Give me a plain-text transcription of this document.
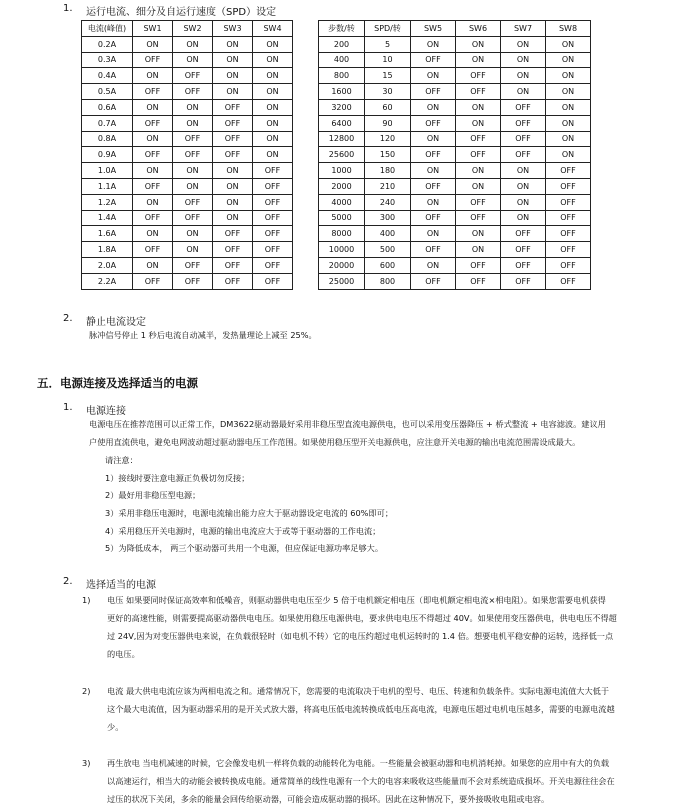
1. 运行电流、细分及自运行速度（SPD）设定
电流(峰值)	SW1	SW2	SW3	SW4
0.2A	ON	ON	ON	ON
0.3A	OFF	ON	ON	ON
0.4A	ON	OFF	ON	ON
0.5A	OFF	OFF	ON	ON
0.6A	ON	ON	OFF	ON
0.7A	OFF	ON	OFF	ON
0.8A	ON	OFF	OFF	ON
0.9A	OFF	OFF	OFF	ON
1.0A	ON	ON	ON	OFF
1.1A	OFF	ON	ON	OFF
1.2A	ON	OFF	ON	OFF
1.4A	OFF	OFF	ON	OFF
1.6A	ON	ON	OFF	OFF
1.8A	OFF	ON	OFF	OFF
2.0A	ON	OFF	OFF	OFF
2.2A	OFF	OFF	OFF	OFF
步数/转	SPD/转	SW5	SW6	SW7	SW8
200	5	ON	ON	ON	ON
400	10	OFF	ON	ON	ON
800	15	ON	OFF	ON	ON
1600	30	OFF	OFF	ON	ON
3200	60	ON	ON	OFF	ON
6400	90	OFF	ON	OFF	ON
12800	120	ON	OFF	OFF	ON
25600	150	OFF	OFF	OFF	ON
1000	180	ON	ON	ON	OFF
2000	210	OFF	ON	ON	OFF
4000	240	ON	OFF	ON	OFF
5000	300	OFF	OFF	ON	OFF
8000	400	ON	ON	OFF	OFF
10000	500	OFF	ON	OFF	OFF
20000	600	ON	OFF	OFF	OFF
25000	800	OFF	OFF	OFF	OFF
2. 静止电流设定
脉冲信号停止 1 秒后电流自动减半，发热量理论上减至 25%。
五．电源连接及选择适当的电源
1. 电源连接
电源电压在推荐范围可以正常工作，DM3622驱动器最好采用非稳压型直流电源供电，也可以采用变压器降压 + 桥式整流 + 电容滤波。建议用
户使用直流供电，避免电网波动超过驱动器电压工作范围。如果使用稳压型开关电源供电，应注意开关电源的输出电流范围需设成最大。
请注意：
1）接线时要注意电源正负极切勿反接；
2）最好用非稳压型电源；
3）采用非稳压电源时，电源电流输出能力应大于驱动器设定电流的 60%即可；
4）采用稳压开关电源时，电源的输出电流应大于或等于驱动器的工作电流；
5）为降低成本， 两三个驱动器可共用一个电源，但应保证电源功率足够大。
2. 选择适当的电源
1) 电压 如果要同时保证高效率和低噪音，则驱动器供电电压至少 5 倍于电机额定相电压（即电机额定相电流×相电阻）。如果您需要电机获得
更好的高速性能，则需要提高驱动器供电电压。如果使用稳压电源供电，要求供电电压不得超过 40V。如果使用变压器供电，供电电压不得超
过 24V,因为对变压器供电来说，在负载很轻时（如电机不转）它的电压约超过电机运转时的 1.4 倍。想要电机平稳安静的运转，选择低一点
的电压。
2) 电流 最大供电电流应该为两相电流之和。通常情况下，您需要的电流取决于电机的型号、电压、转速和负载条件。实际电源电流值大大低于
这个最大电流值，因为驱动器采用的是开关式放大器，将高电压低电流转换成低电压高电流，电源电压超过电机电压越多，需要的电源电流越
少。
3) 再生放电 当电机减速的时候，它会像发电机一样将负载的动能转化为电能。一些能量会被驱动器和电机消耗掉。如果您的应用中有大的负载
以高速运行，相当大的动能会被转换成电能。通常简单的线性电源有一个大的电容来吸收这些能量而不会对系统造成损坏。开关电源往往会在
过压的状况下关闭，多余的能量会回传给驱动器，可能会造成驱动器的损坏。因此在这种情况下，要外接吸收电阻或电容。
